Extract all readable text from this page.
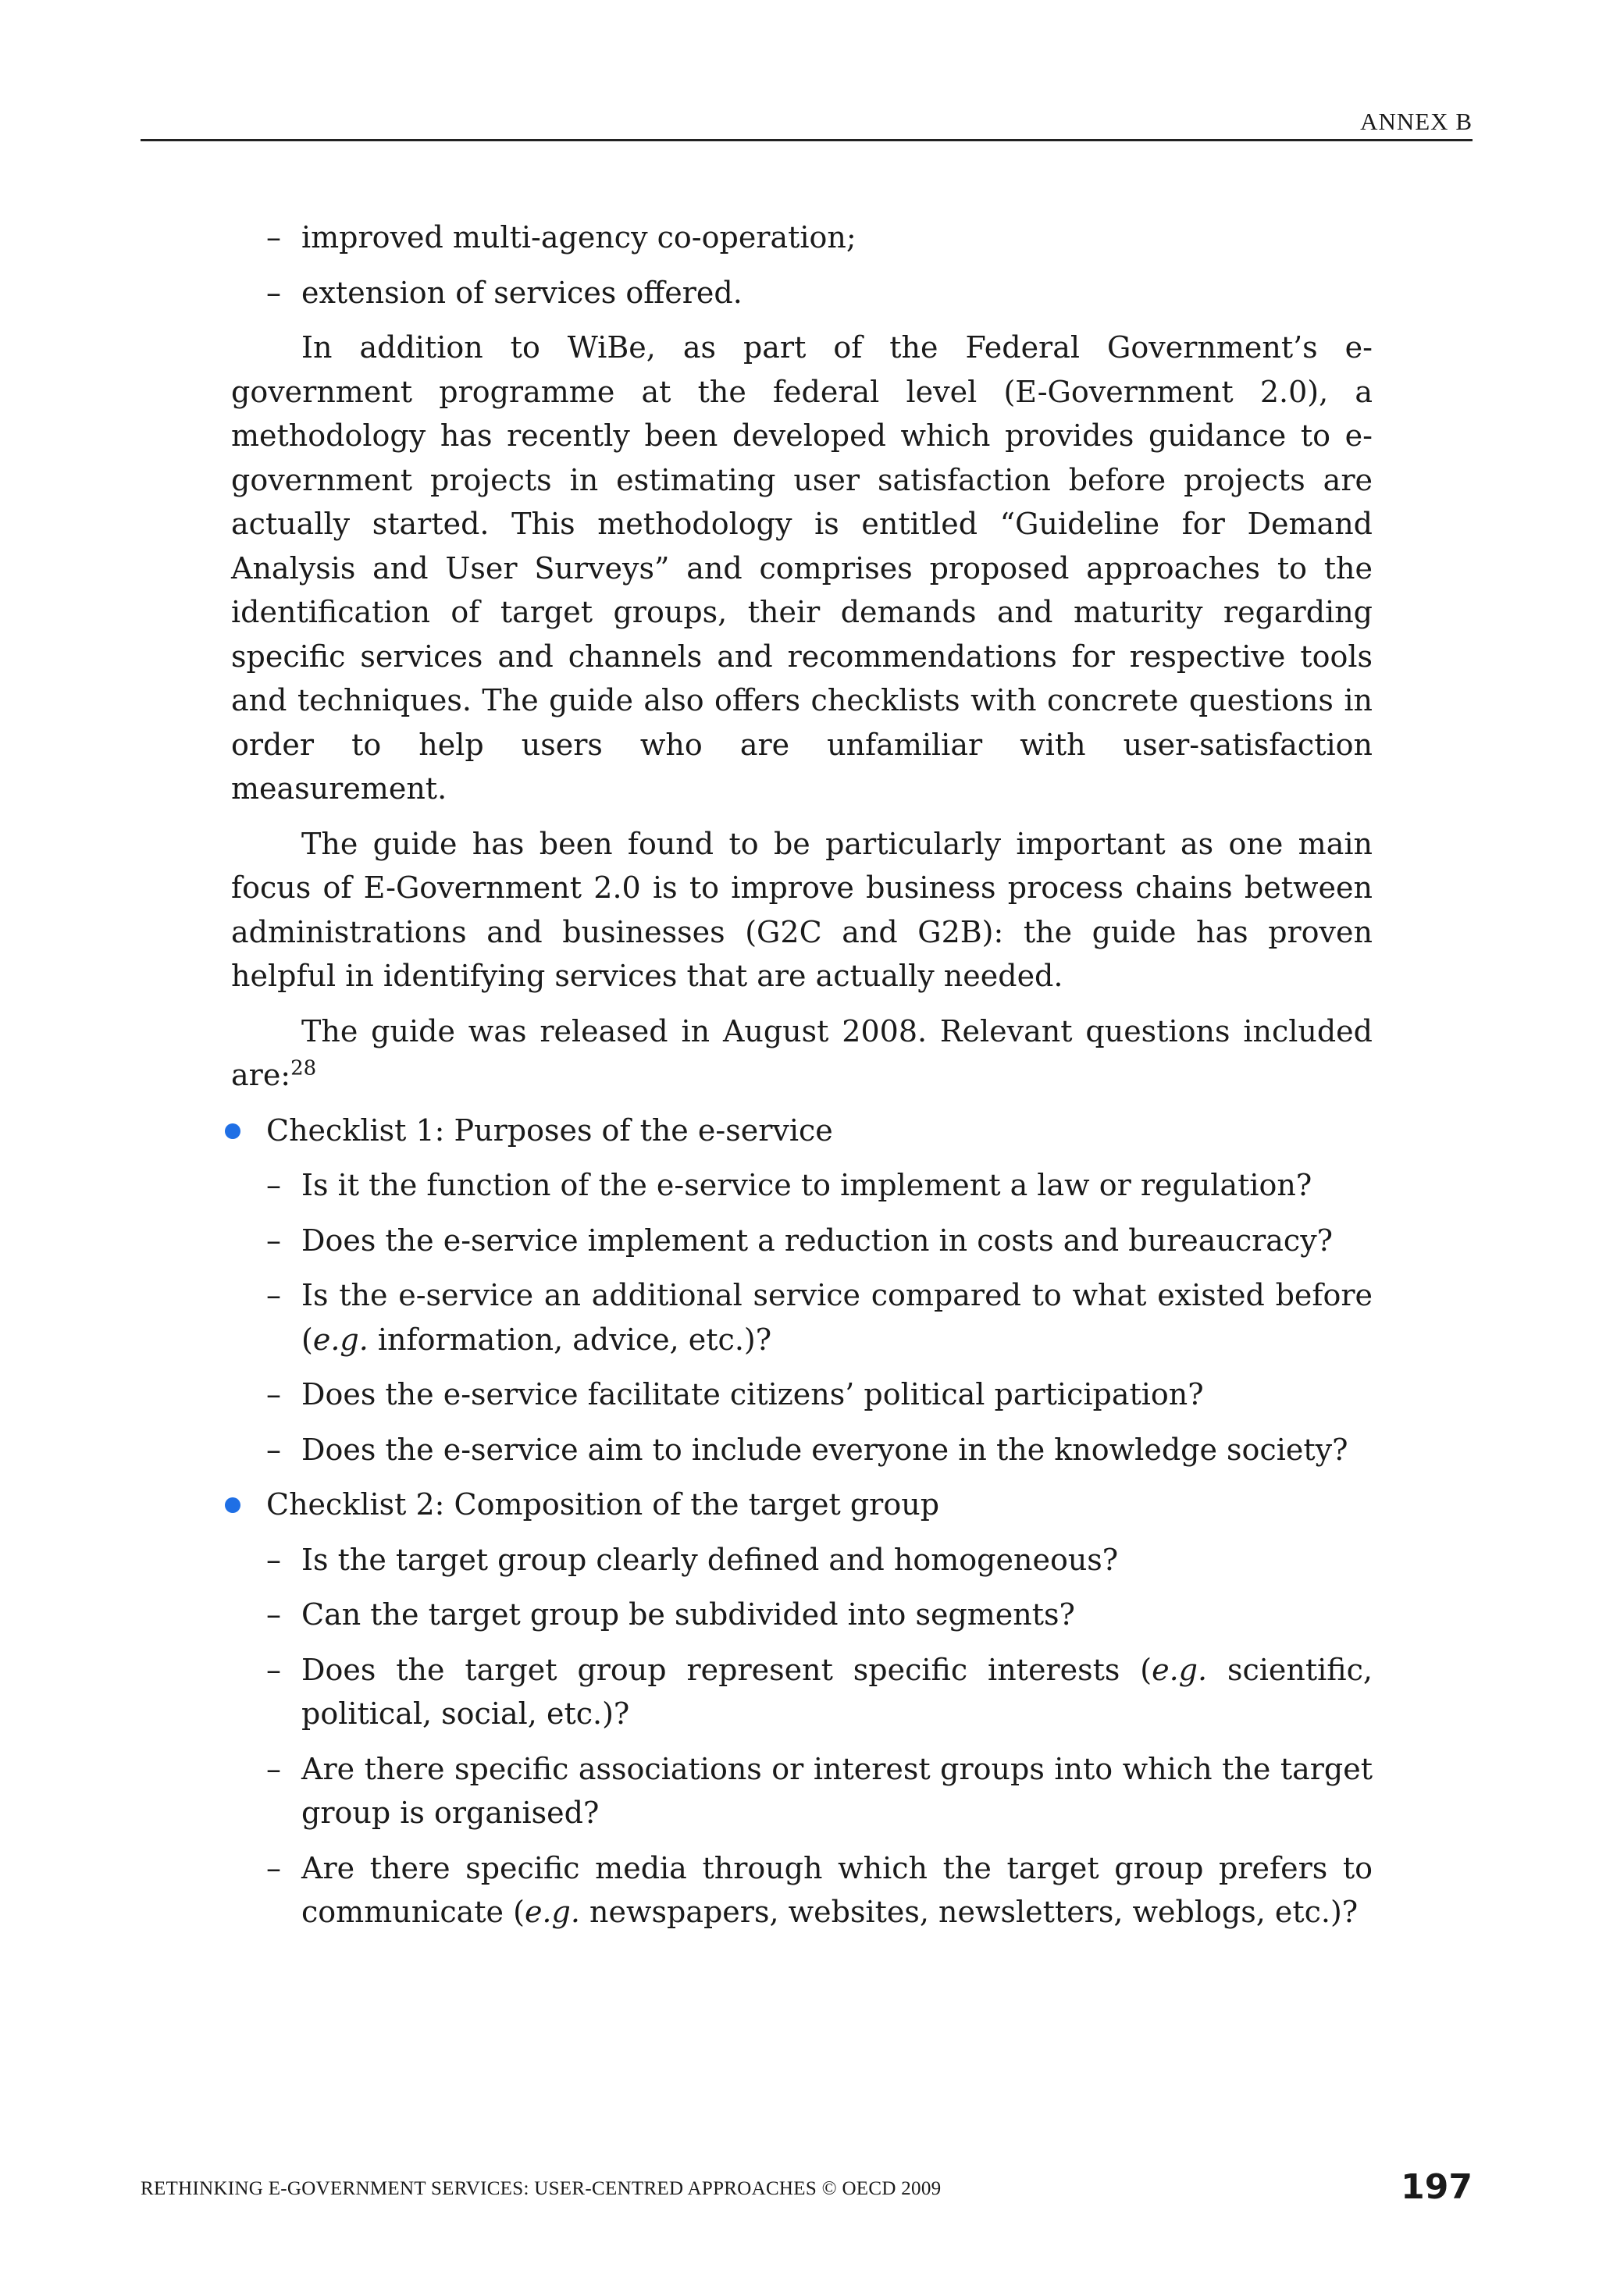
ANNEX B
– improved multi-agency co-operation;
– extension of services offered.

In addition to WiBe, as part of the Federal Government’s e-government programme at the federal level (E-Government 2.0), a methodology has recently been developed which provides guidance to e-government projects in estimating user satisfaction before projects are actually started. This methodology is entitled “Guideline for Demand Analysis and User Surveys” and comprises proposed approaches to the identification of target groups, their demands and maturity regarding specific services and channels and recommendations for respective tools and techniques. The guide also offers checklists with concrete questions in order to help users who are unfamiliar with user-satisfaction measurement.

The guide has been found to be particularly important as one main focus of E-Government 2.0 is to improve business process chains between administrations and businesses (G2C and G2B): the guide has proven helpful in identifying services that are actually needed.

The guide was released in August 2008. Relevant questions included are:$^{28}$

Checklist 1: Purposes of the e-service
– Is it the function of the e-service to implement a law or regulation?
– Does the e-service implement a reduction in costs and bureaucracy?
– Is the e-service an additional service compared to what existed before (e.g. information, advice, etc.)?
– Does the e-service facilitate citizens’ political participation?
– Does the e-service aim to include everyone in the knowledge society?
Checklist 2: Composition of the target group
– Is the target group clearly defined and homogeneous?
– Can the target group be subdivided into segments?
– Does the target group represent specific interests (e.g. scientific, political, social, etc.)?
– Are there specific associations or interest groups into which the target group is organised?
– Are there specific media through which the target group prefers to communicate (e.g. newspapers, websites, newsletters, weblogs, etc.)?
RETHINKING E-GOVERNMENT SERVICES: USER-CENTRED APPROACHES © OECD 2009	197
